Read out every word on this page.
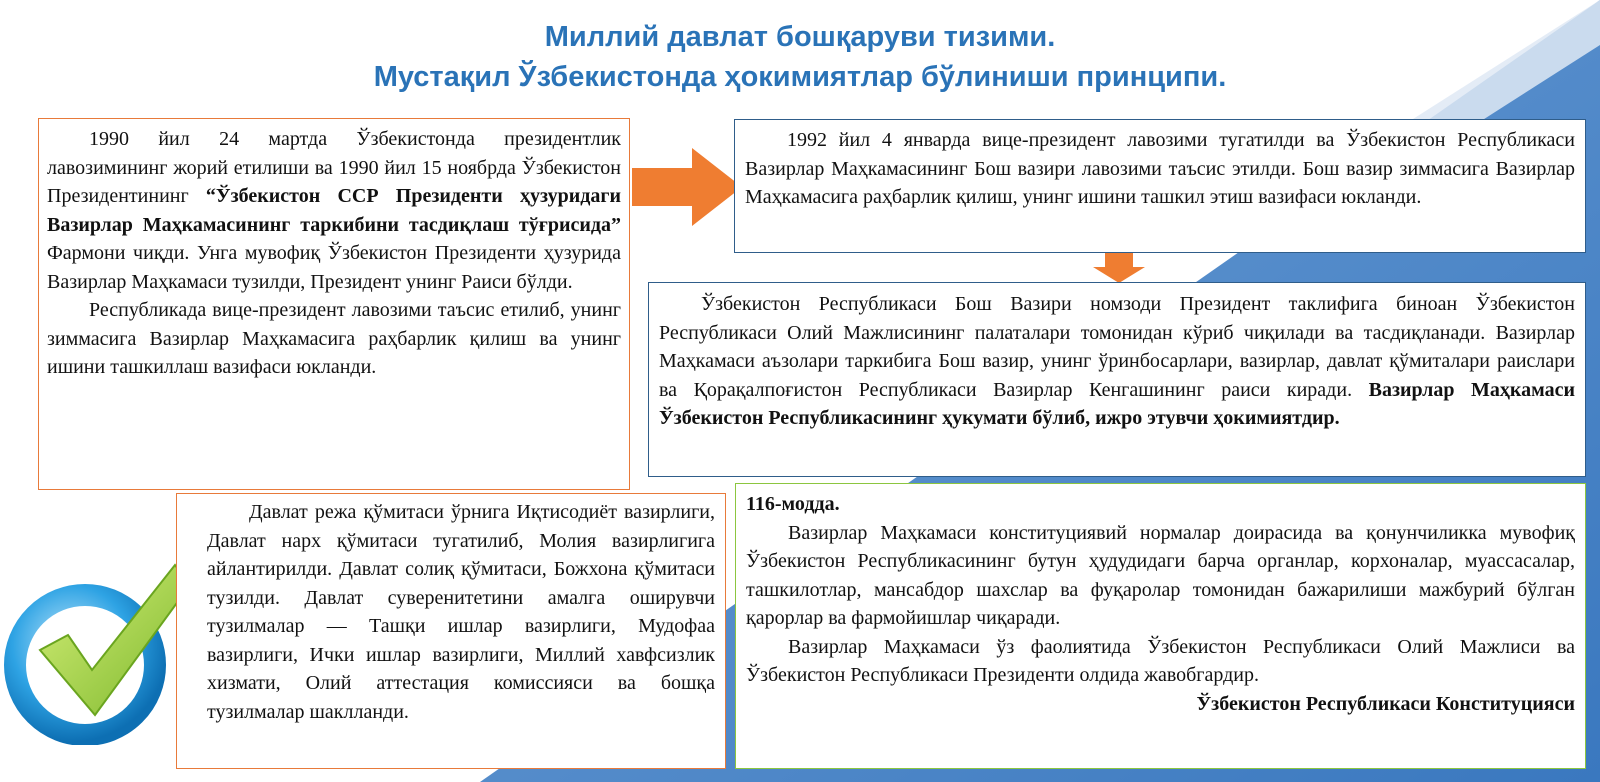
Миллий давлат бошқаруви тизими.
Мустақил Ўзбекистонда ҳокимиятлар бўлиниши принципи.

1990 йил 24 мартда Ўзбекистонда президентлик лавозимининг жорий етилиши ва 1990 йил 15 ноябрда Ўзбекистон Президентининг “Ўзбекистон ССР Президенти ҳузуридаги Вазирлар Маҳкамасининг таркибини тасдиқлаш тўғрисида” Фармони чиқди. Унга мувофиқ Ўзбекистон Президенти ҳузурида Вазирлар Маҳкамаси тузилди, Президент унинг Раиси бўлди.

Республикада вице-президент лавозими таъсис етилиб, унинг зиммасига Вазирлар Маҳкамасига раҳбарлик қилиш ва унинг ишини ташкиллаш вазифаси юкланди.

1992 йил 4 январда вице-президент лавозими тугатилди ва Ўзбекистон Республикаси Вазирлар Маҳкамасининг Бош вазири лавозими таъсис этилди. Бош вазир зиммасига Вазирлар Маҳкамасига раҳбарлик қилиш, унинг ишини ташкил этиш вазифаси юкланди.

Ўзбекистон Республикаси Бош Вазири номзоди Президент таклифига биноан Ўзбекистон Республикаси Олий Мажлисининг палаталари томонидан кўриб чиқилади ва тасдиқланади. Вазирлар Маҳкамаси аъзолари таркибига Бош вазир, унинг ўринбосарлари, вазирлар, давлат қўмиталари раислари ва Қорақалпоғистон Республикаси Вазирлар Кенгашининг раиси киради. Вазирлар Маҳкамаси Ўзбекистон Республикасининг ҳукумати бўлиб, ижро этувчи ҳокимиятдир.

Давлат режа қўмитаси ўрнига Иқтисодиёт вазирлиги, Давлат нарх қўмитаси тугатилиб, Молия вазирлигига айлантирилди. Давлат солиқ қўмитаси, Божхона қўмитаси тузилди. Давлат суверенитетини амалга оширувчи тузилмалар — Ташқи ишлар вазирлиги, Мудофаа вазирлиги, Ички ишлар вазирлиги, Миллий хавфсизлик хизмати, Олий аттестация комиссияси ва бошқа тузилмалар шаклланди.

116-модда.

Вазирлар Маҳкамаси конституциявий нормалар доирасида ва қонунчиликка мувофиқ Ўзбекистон Республикасининг бутун ҳудудидаги барча органлар, корхоналар, муассасалар, ташкилотлар, мансабдор шахслар ва фуқаролар томонидан бажарилиши мажбурий бўлган қарорлар ва фармойишлар чиқаради.

Вазирлар Маҳкамаси ўз фаолиятида Ўзбекистон Республикаси Олий Мажлиси ва Ўзбекистон Республикаси Президенти олдида жавобгардир.

Ўзбекистон Республикаси Конституцияси
